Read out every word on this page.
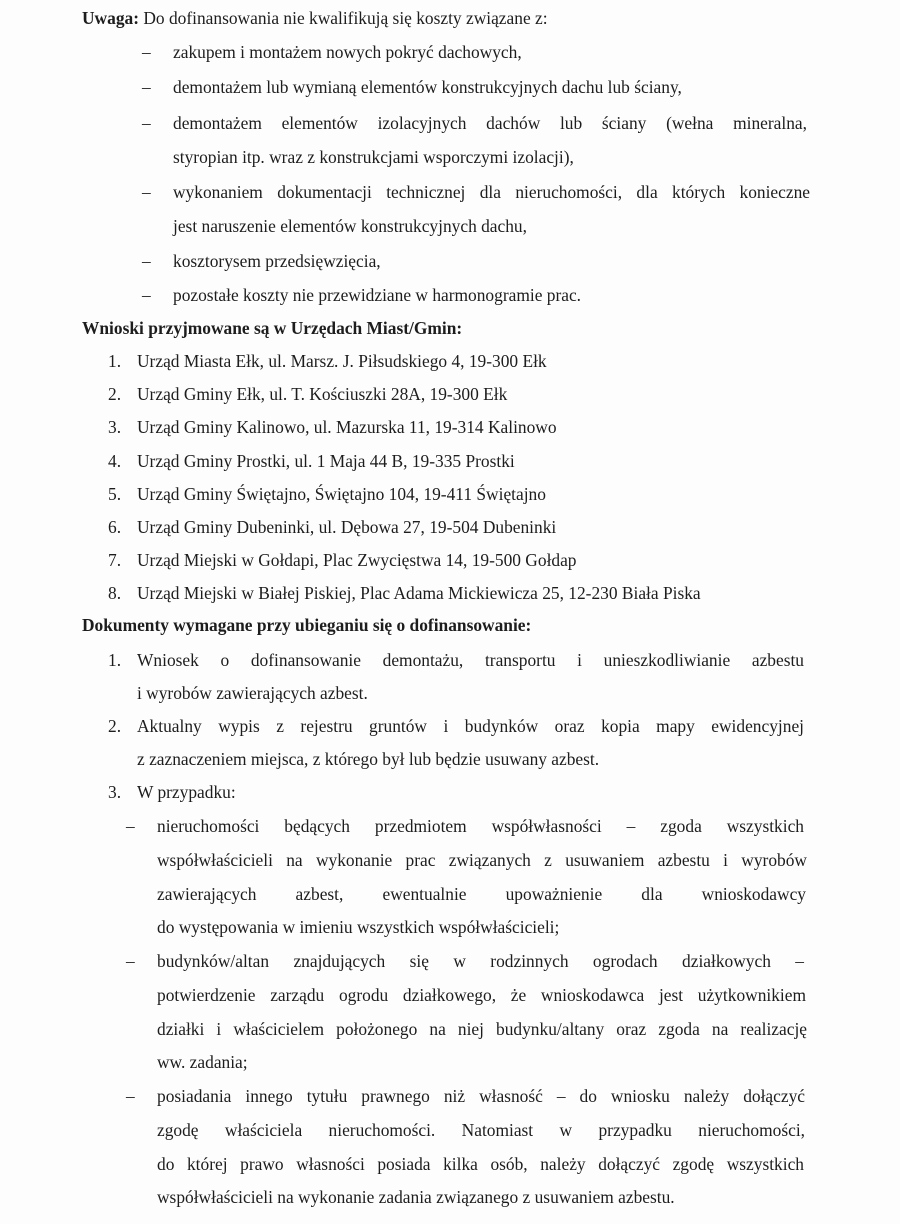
Uwaga: Do dofinansowania nie kwalifikują się koszty związane z:
– zakupem i montażem nowych pokryć dachowych,
– demontażem lub wymianą elementów konstrukcyjnych dachu lub ściany,
– demontażem elementów izolacyjnych dachów lub ściany (wełna mineralna,
styropian itp. wraz z konstrukcjami wsporczymi izolacji),
– wykonaniem dokumentacji technicznej dla nieruchomości, dla których konieczne
jest naruszenie elementów konstrukcyjnych dachu,
– kosztorysem przedsięwzięcia,
– pozostałe koszty nie przewidziane w harmonogramie prac.
Wnioski przyjmowane są w Urzędach Miast/Gmin:
1. Urząd Miasta Ełk, ul. Marsz. J. Piłsudskiego 4, 19-300 Ełk
2. Urząd Gminy Ełk, ul. T. Kościuszki 28A, 19-300 Ełk
3. Urząd Gminy Kalinowo, ul. Mazurska 11, 19-314 Kalinowo
4. Urząd Gminy Prostki, ul. 1 Maja 44 B, 19-335 Prostki
5. Urząd Gminy Świętajno, Świętajno 104, 19-411 Świętajno
6. Urząd Gminy Dubeninki, ul. Dębowa 27, 19-504 Dubeninki
7. Urząd Miejski w Gołdapi, Plac Zwycięstwa 14, 19-500 Gołdap
8. Urząd Miejski w Białej Piskiej, Plac Adama Mickiewicza 25, 12-230 Biała Piska
Dokumenty wymagane przy ubieganiu się o dofinansowanie:
1. Wniosek o dofinansowanie demontażu, transportu i unieszkodliwianie azbestu
i wyrobów zawierających azbest.
2. Aktualny wypis z rejestru gruntów i budynków oraz kopia mapy ewidencyjnej
z zaznaczeniem miejsca, z którego był lub będzie usuwany azbest.
3. W przypadku:
– nieruchomości będących przedmiotem współwłasności – zgoda wszystkich
współwłaścicieli na wykonanie prac związanych z usuwaniem azbestu i wyrobów
zawierających azbest, ewentualnie upoważnienie dla wnioskodawcy
do występowania w imieniu wszystkich współwłaścicieli;
– budynków/altan znajdujących się w rodzinnych ogrodach działkowych –
potwierdzenie zarządu ogrodu działkowego, że wnioskodawca jest użytkownikiem
działki i właścicielem położonego na niej budynku/altany oraz zgoda na realizację
ww. zadania;
– posiadania innego tytułu prawnego niż własność – do wniosku należy dołączyć
zgodę właściciela nieruchomości. Natomiast w przypadku nieruchomości,
do której prawo własności posiada kilka osób, należy dołączyć zgodę wszystkich
współwłaścicieli na wykonanie zadania związanego z usuwaniem azbestu.
